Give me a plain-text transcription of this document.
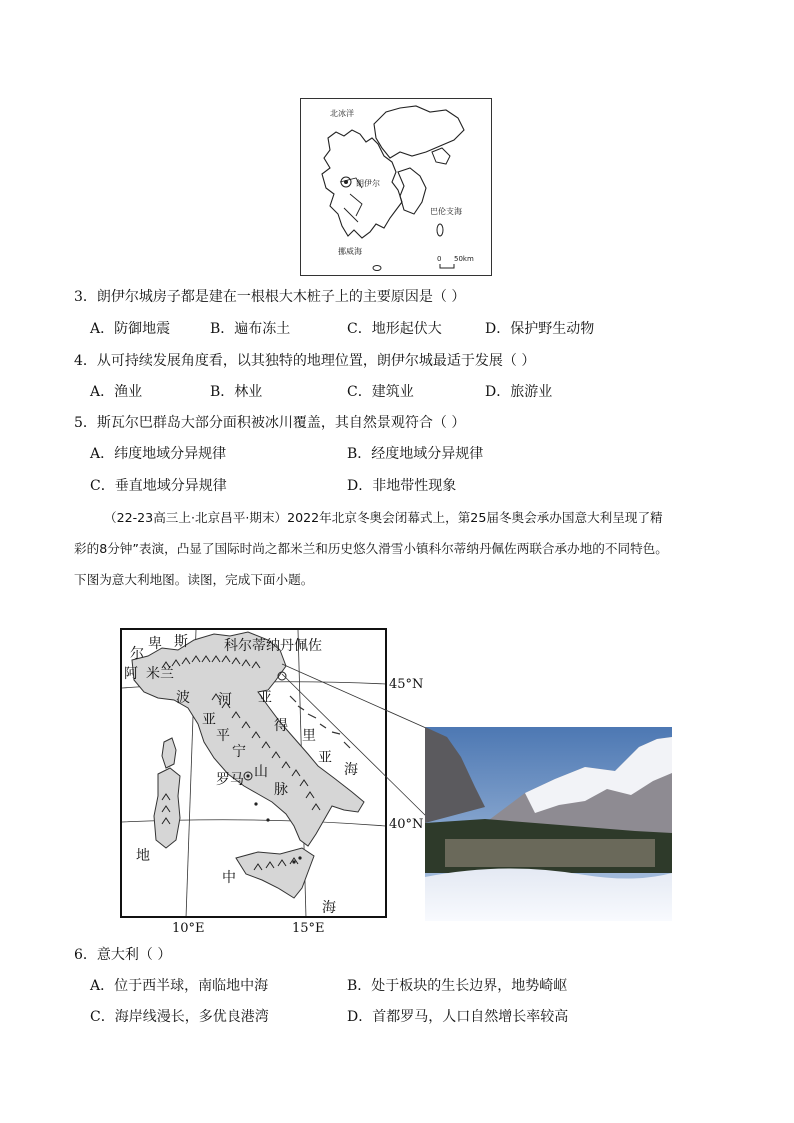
北冰洋
朗伊尔
巴伦支海
挪威海
0 50km
3．朗伊尔城房子都是建在一根根大木桩子上的主要原因是（ ）
A．防御地震	B．遍布冻土	C．地形起伏大	D．保护野生动物
4．从可持续发展角度看，以其独特的地理位置，朗伊尔城最适于发展（ ）
A．渔业	B．林业	C．建筑业	D．旅游业
5．斯瓦尔巴群岛大部分面积被冰川覆盖，其自然景观符合（ ）
A．纬度地域分异规律	B．经度地域分异规律
C．垂直地域分异规律	D．非地带性现象
（22-23高三上·北京昌平·期末）2022年北京冬奥会闭幕式上，第25届冬奥会承办国意大利呈现了精
彩的8分钟”表演，凸显了国际时尚之都米兰和历史悠久滑雪小镇科尔蒂纳丹佩佐两联合承办地的不同特色。
下图为意大利地图。读图，完成下面小题。
卑 斯
尔
阿 米兰
科尔蒂纳丹佩佐
波 河 亚
得
里
亚
海
亚
平
宁
山
脉
罗马
地
中
海
45°N
40°N
10°E	15°E
6．意大利（ ）
A．位于西半球，南临地中海	B．处于板块的生长边界，地势崎岖
C．海岸线漫长，多优良港湾	D．首都罗马，人口自然增长率较高
